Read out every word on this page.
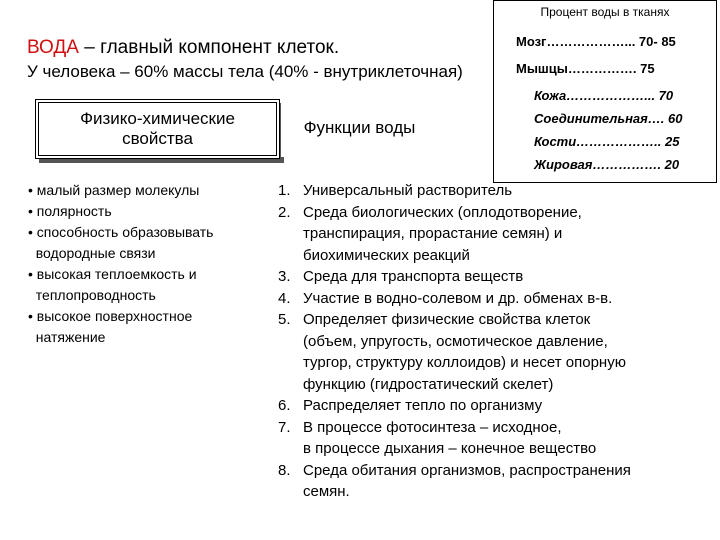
ВОДА – главный компонент клеток.
У человека – 60% массы тела (40% - внутриклеточная)
Физико-химические
свойства
Функции воды
Процент воды в тканях
Мозг………………... 70- 85
Мышцы……………. 75
Кожа………………... 70
Соединительная…. 60
Кости……………….. 25
Жировая……………. 20
• малый размер молекулы
• полярность
• способность образовывать
водородные связи
• высокая теплоемкость и
теплопроводность
• высокое поверхностное
натяжение
1. Универсальный растворитель
2. Среда биологических (оплодотворение,
транспирация, прорастание семян) и
биохимических реакций
3. Среда для транспорта веществ
4. Участие в водно-солевом и др. обменах в-в.
5. Определяет физические свойства клеток
(объем, упругость, осмотическое давление,
тургор, структуру коллоидов) и несет опорную
функцию (гидростатический скелет)
6. Распределяет тепло по организму
7. В процессе фотосинтеза – исходное,
в процессе дыхания – конечное вещество
8. Среда обитания организмов, распространения
семян.
